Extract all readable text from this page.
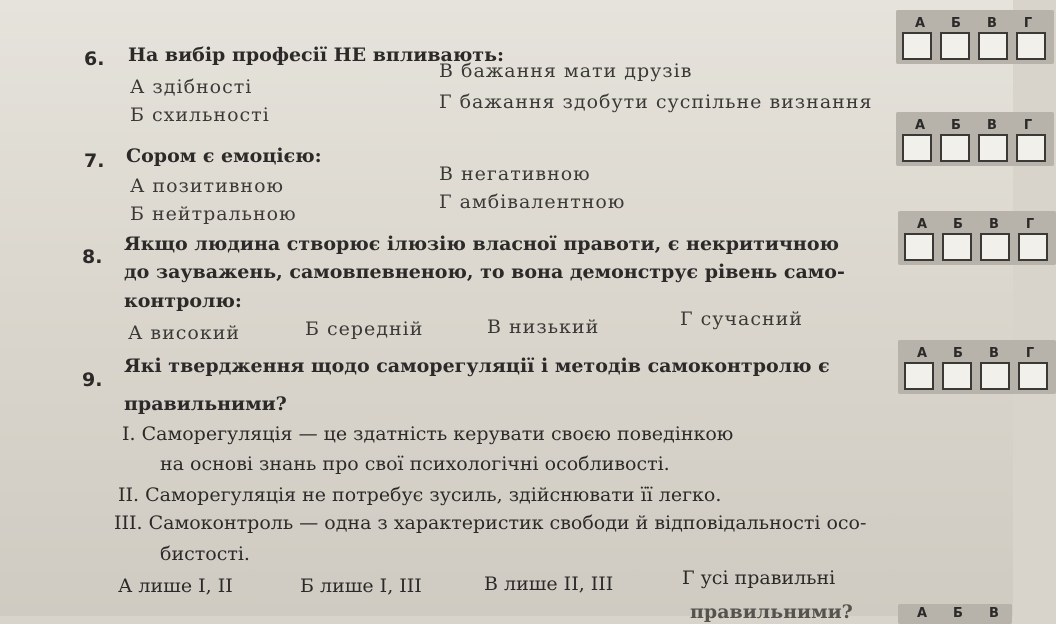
6. На вибір професії НЕ впливають:
А здібності
Б схильності
В бажання мати друзів
Г бажання здобути суспільне визнання
А Б В Г
7. Сором є емоцією:
А позитивною
Б нейтральною
В негативною
Г амбівалентною
А Б В Г
8.
Якщо людина створює ілюзію власної правоти, є некритичною
до зауважень, самовпевненою, то вона демонструє рівень само-
контролю:
А високий	Б середній	В низький	Г сучасний
А Б В Г
9.
Які твердження щодо саморегуляції і методів самоконтролю є
правильними?
І. Саморегуляція — це здатність керувати своєю поведінкою
на основі знань про свої психологічні особливості.
ІІ. Саморегуляція не потребує зусиль, здійснювати її легко.
ІІІ. Самоконтроль — одна з характеристик свободи й відповідальності осо-
бистості.
А лише І, ІІ	Б лише І, ІІІ	В лише ІІ, ІІІ	Г усі правильні
А Б В Г
правильними?	А Б В
